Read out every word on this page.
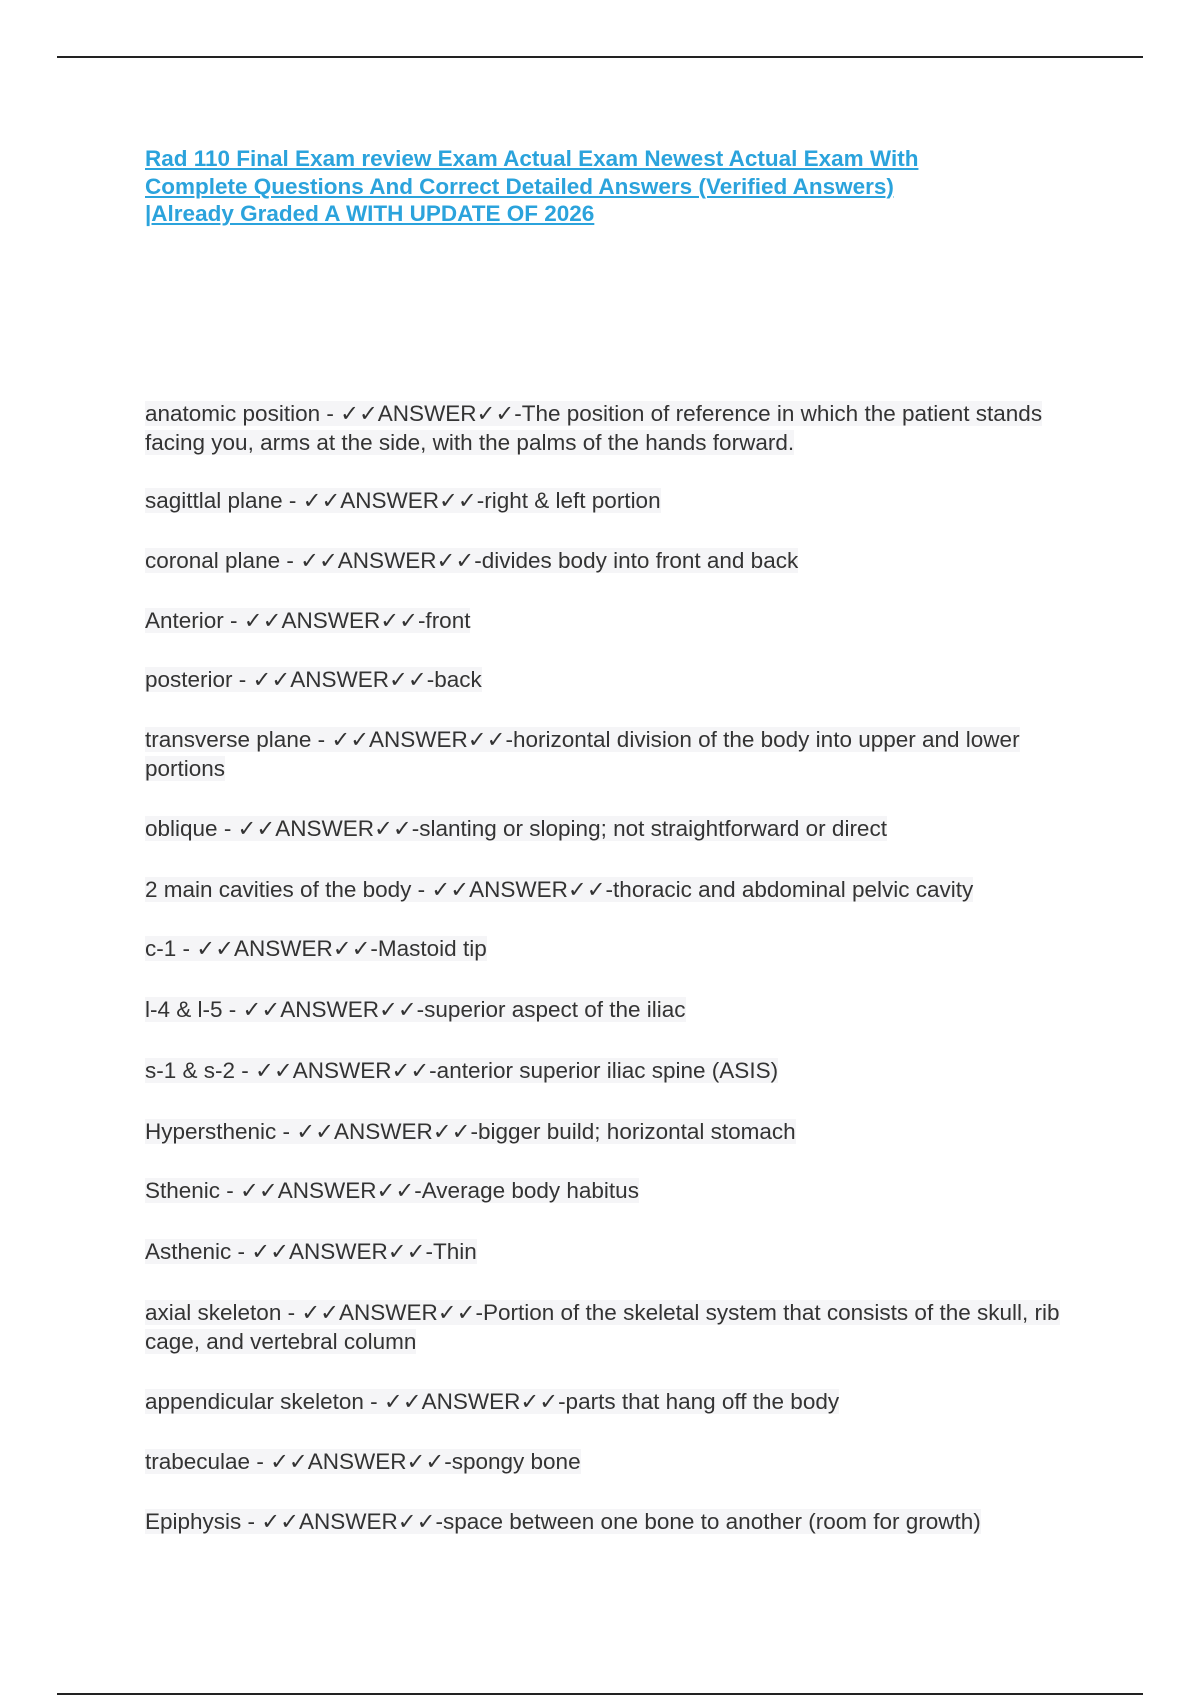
Rad 110 Final Exam review Exam Actual Exam Newest Actual Exam With
Complete Questions And Correct Detailed Answers (Verified Answers)
|Already Graded A WITH UPDATE OF 2026

anatomic position - ✓✓ANSWER✓✓-The position of reference in which the patient stands facing you, arms at the side, with the palms of the hands forward.

sagittlal plane - ✓✓ANSWER✓✓-right & left portion

coronal plane - ✓✓ANSWER✓✓-divides body into front and back

Anterior - ✓✓ANSWER✓✓-front

posterior - ✓✓ANSWER✓✓-back

transverse plane - ✓✓ANSWER✓✓-horizontal division of the body into upper and lower portions

oblique - ✓✓ANSWER✓✓-slanting or sloping; not straightforward or direct

2 main cavities of the body - ✓✓ANSWER✓✓-thoracic and abdominal pelvic cavity

c-1 - ✓✓ANSWER✓✓-Mastoid tip

l-4 & l-5 - ✓✓ANSWER✓✓-superior aspect of the iliac

s-1 & s-2 - ✓✓ANSWER✓✓-anterior superior iliac spine (ASIS)

Hypersthenic - ✓✓ANSWER✓✓-bigger build; horizontal stomach

Sthenic - ✓✓ANSWER✓✓-Average body habitus

Asthenic - ✓✓ANSWER✓✓-Thin

axial skeleton - ✓✓ANSWER✓✓-Portion of the skeletal system that consists of the skull, rib cage, and vertebral column

appendicular skeleton - ✓✓ANSWER✓✓-parts that hang off the body

trabeculae - ✓✓ANSWER✓✓-spongy bone

Epiphysis - ✓✓ANSWER✓✓-space between one bone to another (room for growth)
